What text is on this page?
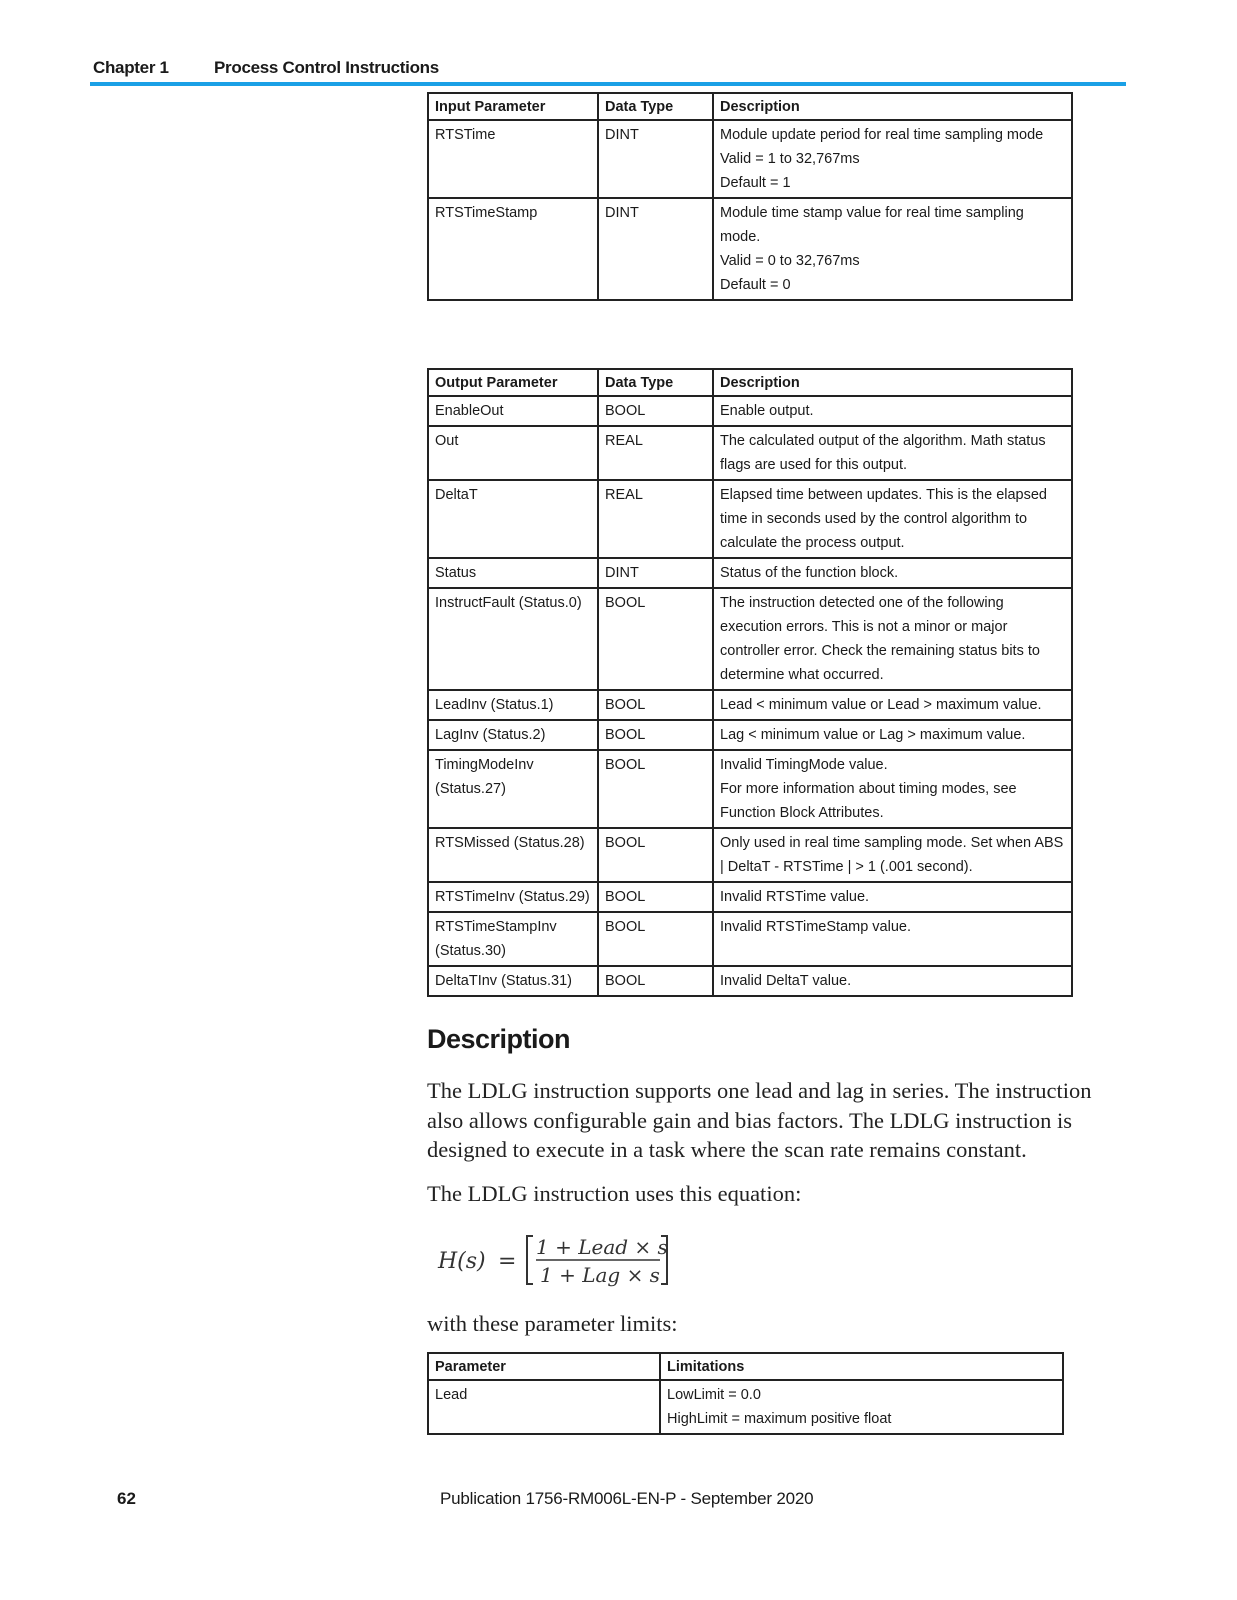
Chapter 1	Process Control Instructions
Input Parameter	Data Type	Description
RTSTime	DINT	Module update period for real time sampling mode
Valid = 1 to 32,767ms
Default = 1

RTSTimeStamp	DINT	Module time stamp value for real time sampling mode.
Valid = 0 to 32,767ms
Default = 0
Output Parameter	Data Type	Description
EnableOut	BOOL	Enable output.
Out	REAL	The calculated output of the algorithm. Math status flags are used for this output.
DeltaT	REAL	Elapsed time between updates. This is the elapsed time in seconds used by the control algorithm to calculate the process output.
Status	DINT	Status of the function block.
InstructFault (Status.0)	BOOL	The instruction detected one of the following execution errors. This is not a minor or major controller error. Check the remaining status bits to determine what occurred.
LeadInv (Status.1)	BOOL	Lead < minimum value or Lead > maximum value.
LagInv (Status.2)	BOOL	Lag < minimum value or Lag > maximum value.
TimingModeInv (Status.27)	BOOL	Invalid TimingMode value.
For more information about timing modes, see Function Block Attributes.

RTSMissed (Status.28)	BOOL	Only used in real time sampling mode. Set when ABS | DeltaT - RTSTime | > 1 (.001 second).
RTSTimeInv (Status.29)	BOOL	Invalid RTSTime value.
RTSTimeStampInv (Status.30)	BOOL	Invalid RTSTimeStamp value.
DeltaTInv (Status.31)	BOOL	Invalid DeltaT value.
Description
The LDLG instruction supports one lead and lag in series. The instruction also allows configurable gain and bias factors. The LDLG instruction is designed to execute in a task where the scan rate remains constant.
The LDLG instruction uses this equation:
H(s) =
1 + Lead × s
1 + Lag × s
with these parameter limits:
Parameter	Limitations
Lead	LowLimit = 0.0
HighLimit = maximum positive float
62	Publication 1756-RM006L-EN-P - September 2020
